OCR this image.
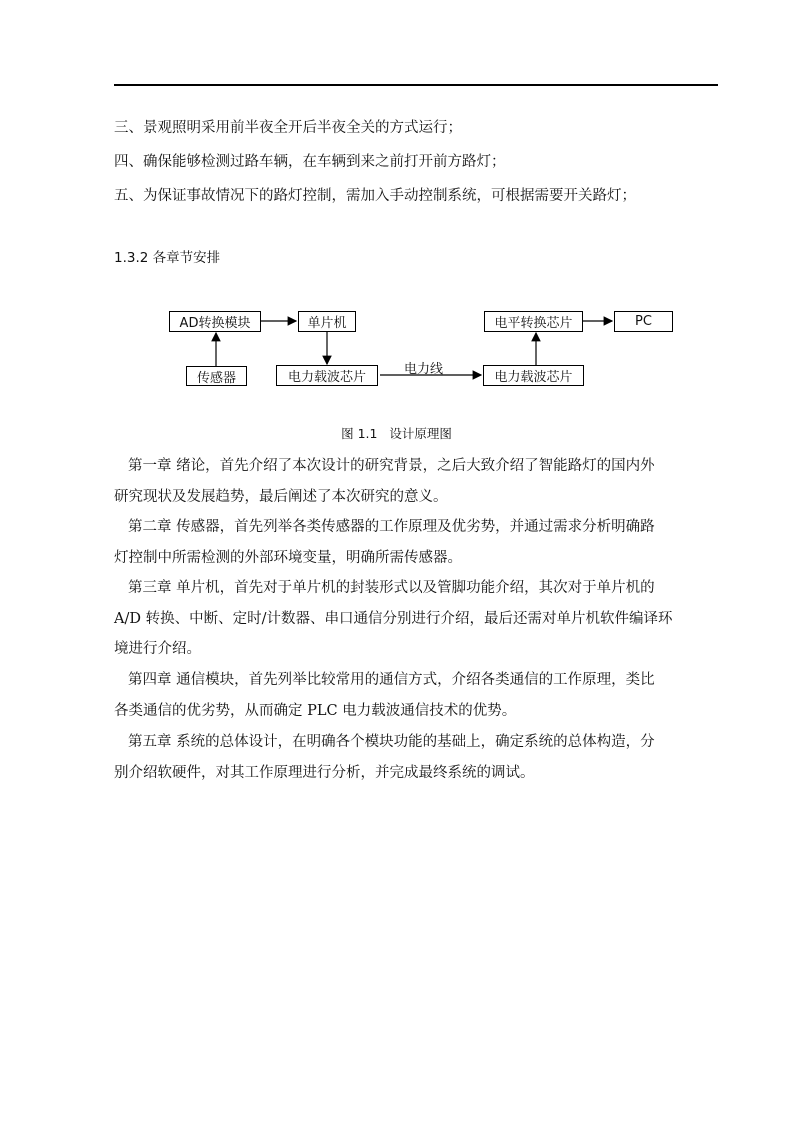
三、景观照明采用前半夜全开后半夜全关的方式运行；
四、确保能够检测过路车辆，在车辆到来之前打开前方路灯；
五、为保证事故情况下的路灯控制，需加入手动控制系统，可根据需要开关路灯；
1.3.2 各章节安排
AD转换模块	单片机
传感器	电力载波芯片
电平转换芯片	PC
电力载波芯片
电力线
图 1.1   设计原理图
第一章 绪论，首先介绍了本次设计的研究背景，之后大致介绍了智能路灯的国内外
研究现状及发展趋势，最后阐述了本次研究的意义。
第二章 传感器，首先列举各类传感器的工作原理及优劣势，并通过需求分析明确路
灯控制中所需检测的外部环境变量，明确所需传感器。
第三章 单片机，首先对于单片机的封装形式以及管脚功能介绍，其次对于单片机的
A/D 转换、中断、定时/计数器、串口通信分别进行介绍，最后还需对单片机软件编译环
境进行介绍。
第四章 通信模块，首先列举比较常用的通信方式，介绍各类通信的工作原理，类比
各类通信的优劣势，从而确定 PLC 电力载波通信技术的优势。
第五章 系统的总体设计，在明确各个模块功能的基础上，确定系统的总体构造，分
别介绍软硬件，对其工作原理进行分析，并完成最终系统的调试。
